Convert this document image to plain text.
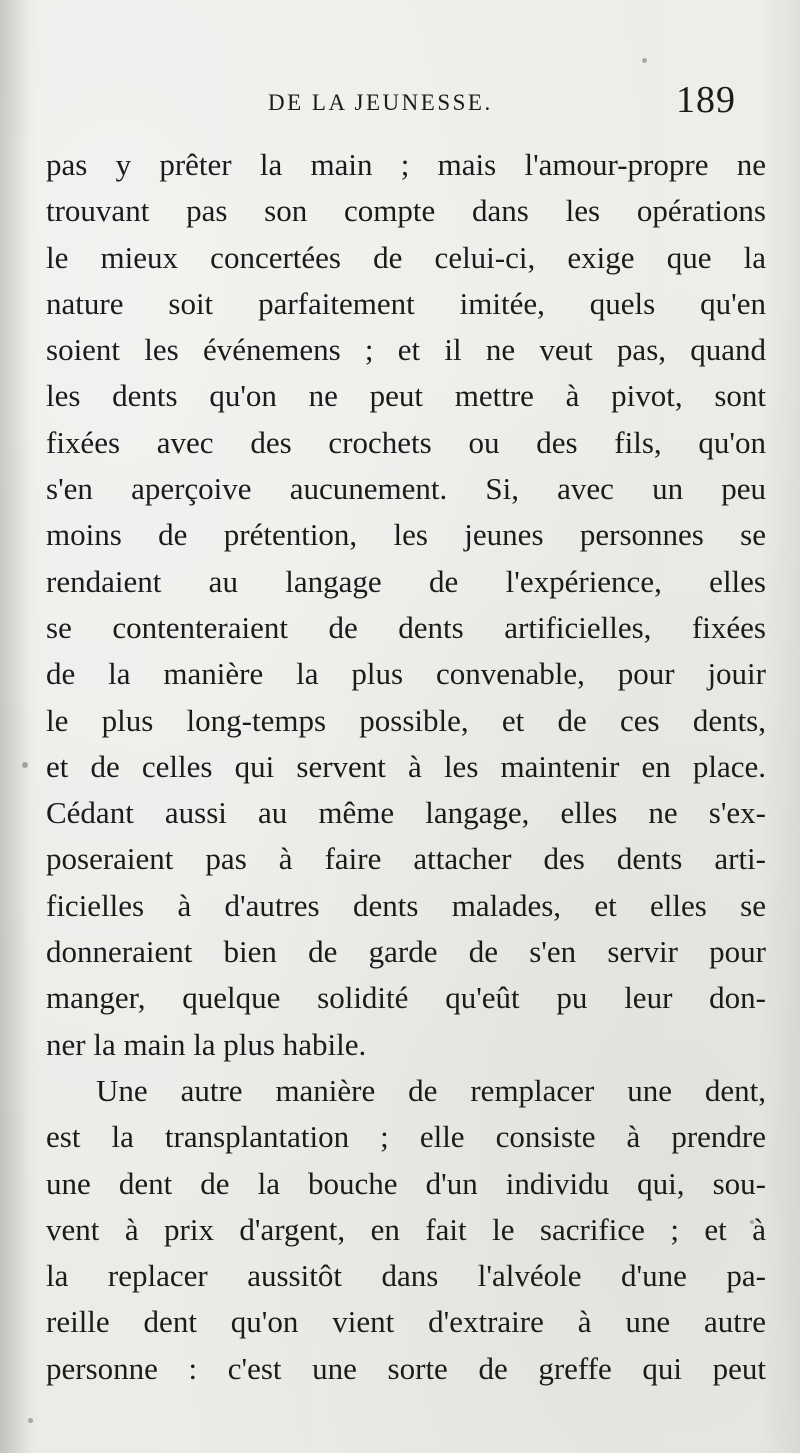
DE LA JEUNESSE.	189
pas y prêter la main ; mais l'amour-propre ne
trouvant pas son compte dans les opérations
le mieux concertées de celui-ci, exige que la
nature soit parfaitement imitée, quels qu'en
soient les événemens ; et il ne veut pas, quand
les dents qu'on ne peut mettre à pivot, sont
fixées avec des crochets ou des fils, qu'on
s'en aperçoive aucunement. Si, avec un peu
moins de prétention, les jeunes personnes se
rendaient au langage de l'expérience, elles
se contenteraient de dents artificielles, fixées
de la manière la plus convenable, pour jouir
le plus long-temps possible, et de ces dents,
et de celles qui servent à les maintenir en place.
Cédant aussi au même langage, elles ne s'ex-
poseraient pas à faire attacher des dents arti-
ficielles à d'autres dents malades, et elles se
donneraient bien de garde de s'en servir pour
manger, quelque solidité qu'eût pu leur don-
ner la main la plus habile.
Une autre manière de remplacer une dent,
est la transplantation ; elle consiste à prendre
une dent de la bouche d'un individu qui, sou-
vent à prix d'argent, en fait le sacrifice ; et à
la replacer aussitôt dans l'alvéole d'une pa-
reille dent qu'on vient d'extraire à une autre
personne : c'est une sorte de greffe qui peut
